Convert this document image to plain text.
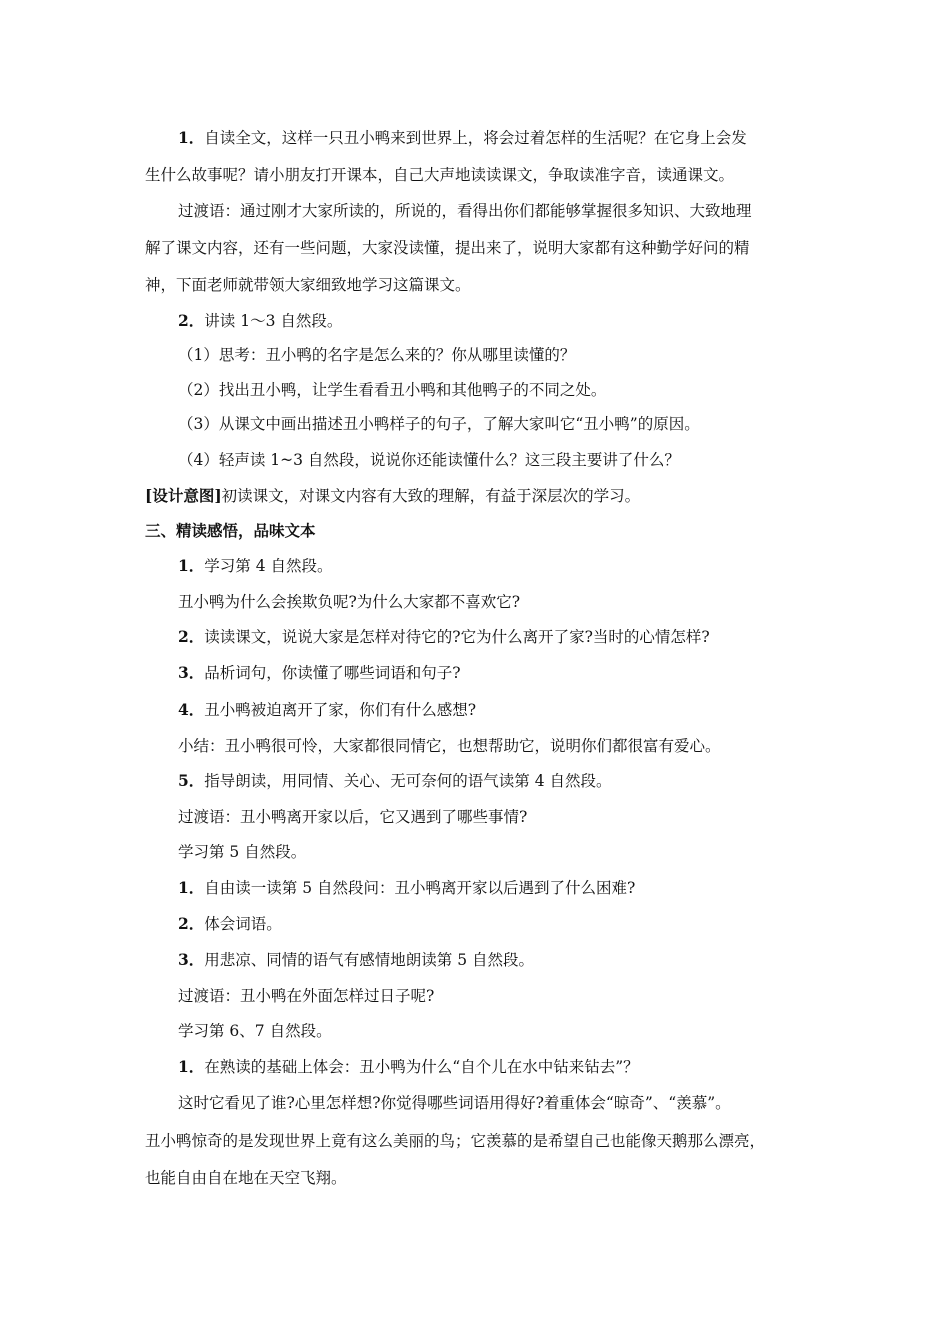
1．自读全文，这样一只丑小鸭来到世界上，将会过着怎样的生活呢？在它身上会发
生什么故事呢？请小朋友打开课本，自己大声地读读课文，争取读准字音，读通课文。
过渡语：通过刚才大家所读的，所说的，看得出你们都能够掌握很多知识、大致地理
解了课文内容，还有一些问题，大家没读懂，提出来了，说明大家都有这种勤学好问的精
神，下面老师就带领大家细致地学习这篇课文。
2．讲读 1～3 自然段。
（1）思考：丑小鸭的名字是怎么来的？你从哪里读懂的？
（2）找出丑小鸭，让学生看看丑小鸭和其他鸭子的不同之处。
（3）从课文中画出描述丑小鸭样子的句子，了解大家叫它“丑小鸭”的原因。
（4）轻声读 1~3 自然段，说说你还能读懂什么？这三段主要讲了什么？
[设计意图]初读课文，对课文内容有大致的理解，有益于深层次的学习。
三、精读感悟，品味文本
1．学习第 4 自然段。
丑小鸭为什么会挨欺负呢?为什么大家都不喜欢它?
2．读读课文，说说大家是怎样对待它的?它为什么离开了家?当时的心情怎样?
3．品析词句，你读懂了哪些词语和句子?
4．丑小鸭被迫离开了家，你们有什么感想?
小结：丑小鸭很可怜，大家都很同情它，也想帮助它，说明你们都很富有爱心。
5．指导朗读，用同情、关心、无可奈何的语气读第 4 自然段。
过渡语：丑小鸭离开家以后，它又遇到了哪些事情?
学习第 5 自然段。
1．自由读一读第 5 自然段问：丑小鸭离开家以后遇到了什么困难?
2．体会词语。
3．用悲凉、同情的语气有感情地朗读第 5 自然段。
过渡语：丑小鸭在外面怎样过日子呢?
学习第 6、7 自然段。
1．在熟读的基础上体会：丑小鸭为什么“自个儿在水中钻来钻去”？
这时它看见了谁?心里怎样想?你觉得哪些词语用得好?着重体会“晾奇”、“羡慕”。
丑小鸭惊奇的是发现世界上竟有这么美丽的鸟；它羡慕的是希望自己也能像天鹅那么漂亮，
也能自由自在地在天空飞翔。
